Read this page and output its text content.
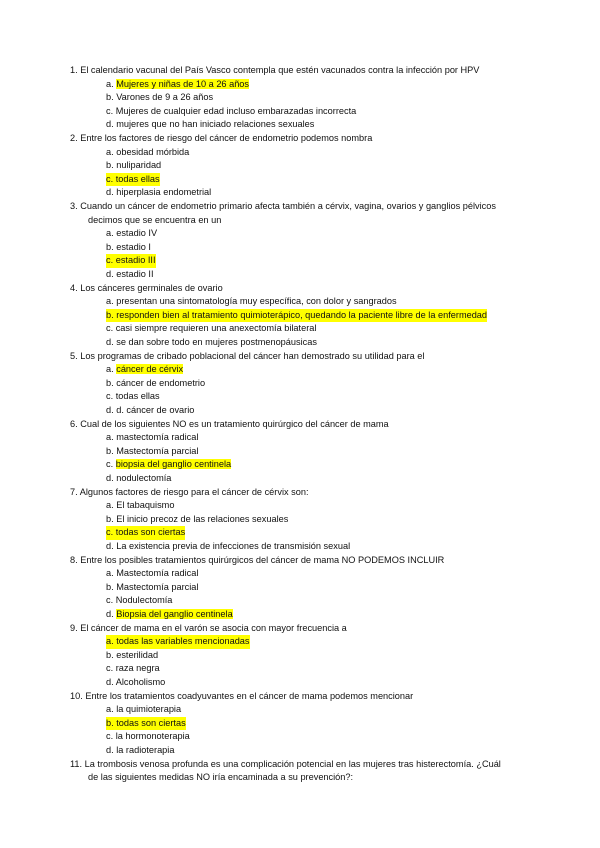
1. El calendario vacunal del País Vasco contempla que estén vacunados contra la infección por HPV
a. Mujeres y niñas de 10 a 26 años
b. Varones de 9 a 26 años
c. Mujeres de cualquier edad incluso embarazadas incorrecta
d. mujeres que no han iniciado relaciones sexuales
2. Entre los factores de riesgo del cáncer de endometrio podemos nombra
a. obesidad mórbida
b. nuliparidad
c. todas ellas
d. hiperplasia endometrial
3. Cuando un cáncer de endometrio primario afecta también a cérvix, vagina, ovarios y ganglios pélvicos
decimos que se encuentra en un
a. estadio IV
b. estadio I
c. estadio III
d. estadio II
4. Los cánceres germinales de ovario
a. presentan una sintomatología muy específica, con dolor y sangrados
b. responden bien al tratamiento quimioterápico, quedando la paciente libre de la enfermedad
c. casi siempre requieren una anexectomía bilateral
d. se dan sobre todo en mujeres postmenopáusicas
5. Los programas de cribado poblacional del cáncer han demostrado su utilidad para el
a. cáncer de cérvix
b. cáncer de endometrio
c. todas ellas
d. d. cáncer de ovario
6. Cual de los siguientes NO es un tratamiento quirúrgico del cáncer de mama
a. mastectomía radical
b. Mastectomía parcial
c. biopsia del ganglio centinela
d. nodulectomía
7. Algunos factores de riesgo para el cáncer de cérvix son:
a. El tabaquismo
b. El inicio precoz de las relaciones sexuales
c. todas son ciertas
d. La existencia previa de infecciones de transmisión sexual
8. Entre los posibles tratamientos quirúrgicos del cáncer de mama NO PODEMOS INCLUIR
a. Mastectomía radical
b. Mastectomía parcial
c. Nodulectomía
d. Biopsia del ganglio centinela
9. El cáncer de mama en el varón se asocia con mayor frecuencia a
a. todas las variables mencionadas
b. esterilidad
c. raza negra
d. Alcoholismo
10. Entre los tratamientos coadyuvantes en el cáncer de mama podemos mencionar
a. la quimioterapia
b. todas son ciertas
c. la hormonoterapia
d. la radioterapia
11. La trombosis venosa profunda es una complicación potencial en las mujeres tras histerectomía. ¿Cuál
de las siguientes medidas NO iría encaminada a su prevención?:
